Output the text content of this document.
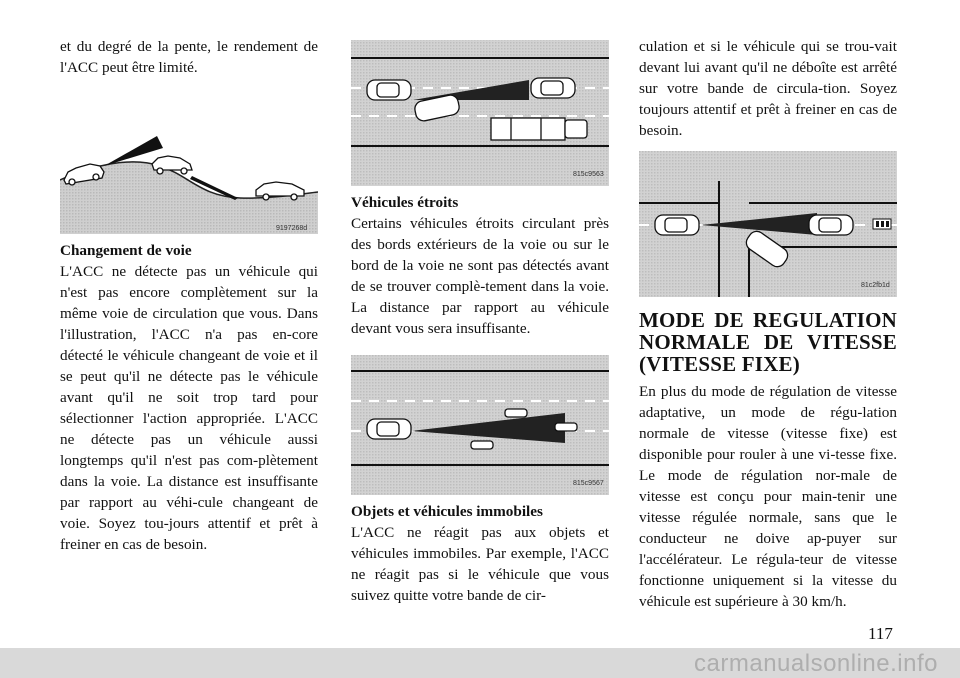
et du degré de la pente, le rendement de l'ACC peut être limité.

9197268d

Changement de voie

L'ACC ne détecte pas un véhicule qui n'est pas encore complètement sur la même voie de circulation que vous. Dans l'illustration, l'ACC n'a pas en-core détecté le véhicule changeant de voie et il se peut qu'il ne détecte pas le véhicule avant qu'il ne soit trop tard pour sélectionner l'action appropriée. L'ACC ne détecte pas un véhicule aussi longtemps qu'il n'est pas com-plètement dans la voie. La distance est insuffisante par rapport au véhi-cule changeant de voie. Soyez tou-jours attentif et prêt à freiner en cas de besoin.

815c9563

Véhicules étroits

Certains véhicules étroits circulant près des bords extérieurs de la voie ou sur le bord de la voie ne sont pas détectés avant de se trouver complè-tement dans la voie. La distance par rapport au véhicule devant vous sera insuffisante.

815c9567

Objets et véhicules immobiles

L'ACC ne réagit pas aux objets et véhicules immobiles. Par exemple, l'ACC ne réagit pas si le véhicule que vous suivez quitte votre bande de cir-

culation et si le véhicule qui se trou-vait devant lui avant qu'il ne déboîte est arrêté sur votre bande de circula-tion. Soyez toujours attentif et prêt à freiner en cas de besoin.

81c2fb1d

MODE DE REGULATION NORMALE DE VITESSE (VITESSE FIXE)

En plus du mode de régulation de vitesse adaptative, un mode de régu-lation normale de vitesse (vitesse fixe) est disponible pour rouler à une vi-tesse fixe. Le mode de régulation nor-male de vitesse est conçu pour main-tenir une vitesse régulée normale, sans que le conducteur ne doive ap-puyer sur l'accélérateur. Le régula-teur de vitesse fonctionne uniquement si la vitesse du véhicule est supérieure à 30 km/h.

117
carmanualsonline.info
